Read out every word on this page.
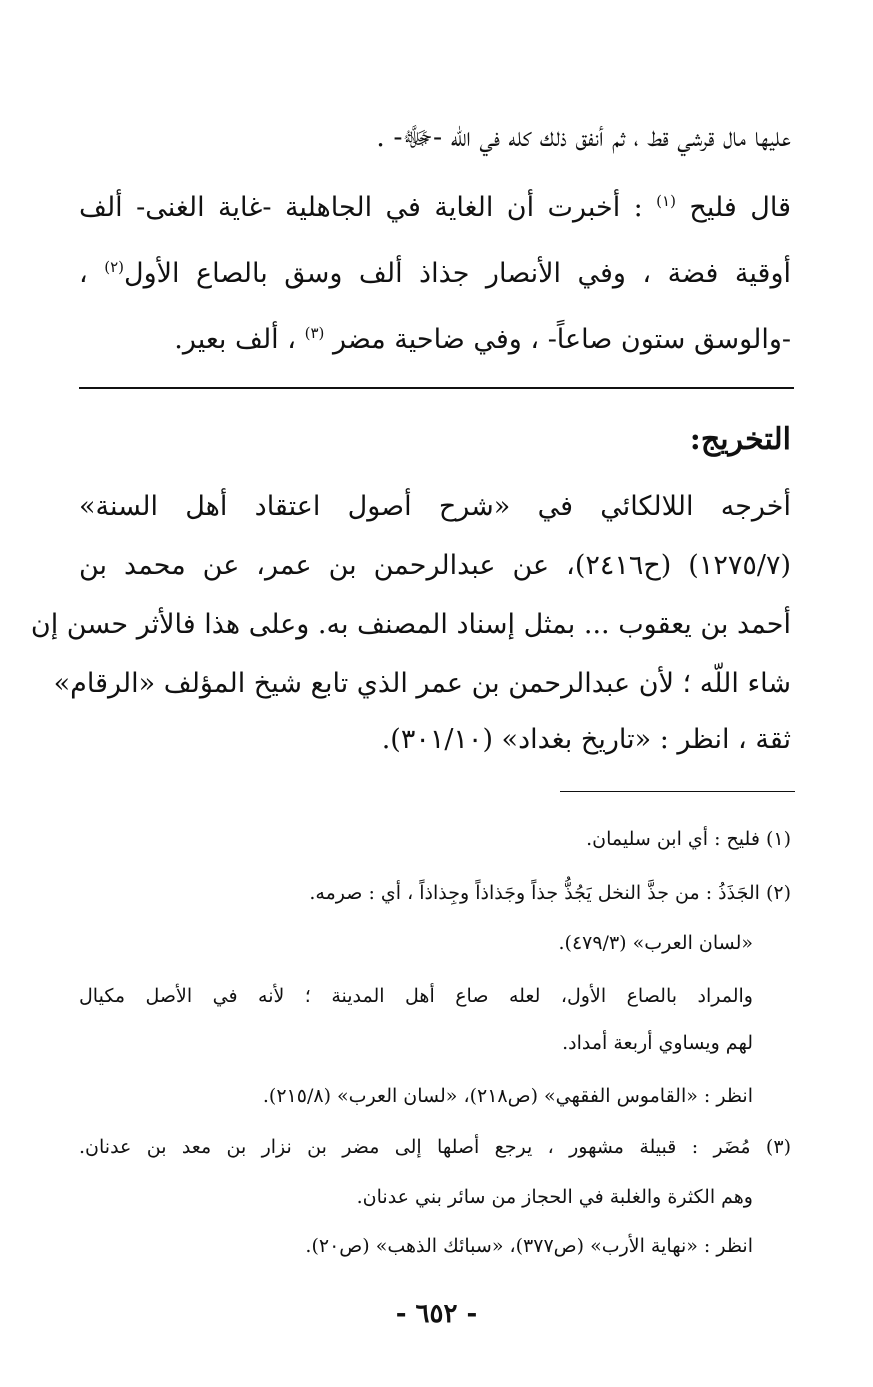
عليها مال قرشي قط ، ثم أنفق ذلك كله في اللّه -ﷻ- .
قال فليح $^{(١)}$ : أخبرت أن الغاية في الجاهلية -غاية الغنى- ألف
أوقية فضة ، وفي الأنصار جذاذ ألف وسق بالصاع الأول$^{(٢)}$ ،
-والوسق ستون صاعاً- ، وفي ضاحية مضر $^{(٣)}$ ، ألف بعير.
التخريج:
أخرجه اللالكائي في «شرح أصول اعتقاد أهل السنة»
(١٢٧٥/٧) (ح٢٤١٦)، عن عبدالرحمن بن عمر، عن محمد بن
أحمد بن يعقوب ... بمثل إسناد المصنف به. وعلى هذا فالأثر حسن إن
شاء اللّه ؛ لأن عبدالرحمن بن عمر الذي تابع شيخ المؤلف «الرقام»
ثقة ، انظر : «تاريخ بغداد» (٣٠١/١٠).
(١) فليح : أي ابن سليمان.
(٢) الجَذَذُ : من جذَّ النخل يَجُذُّ جذاً وجَذاذاً وجِذاذاً ، أي : صرمه.
«لسان العرب» (٤٧٩/٣).
والمراد بالصاع الأول، لعله صاع أهل المدينة ؛ لأنه في الأصل مكيال
لهم ويساوي أربعة أمداد.
انظر : «القاموس الفقهي» (ص٢١٨)، «لسان العرب» (٢١٥/٨).
(٣) مُضَر : قبيلة مشهور ، يرجع أصلها إلى مضر بن نزار بن معد بن عدنان.
وهم الكثرة والغلبة في الحجاز من سائر بني عدنان.
انظر : «نهاية الأرب» (ص٣٧٧)، «سبائك الذهب» (ص٢٠).
- ٦٥٢ -
